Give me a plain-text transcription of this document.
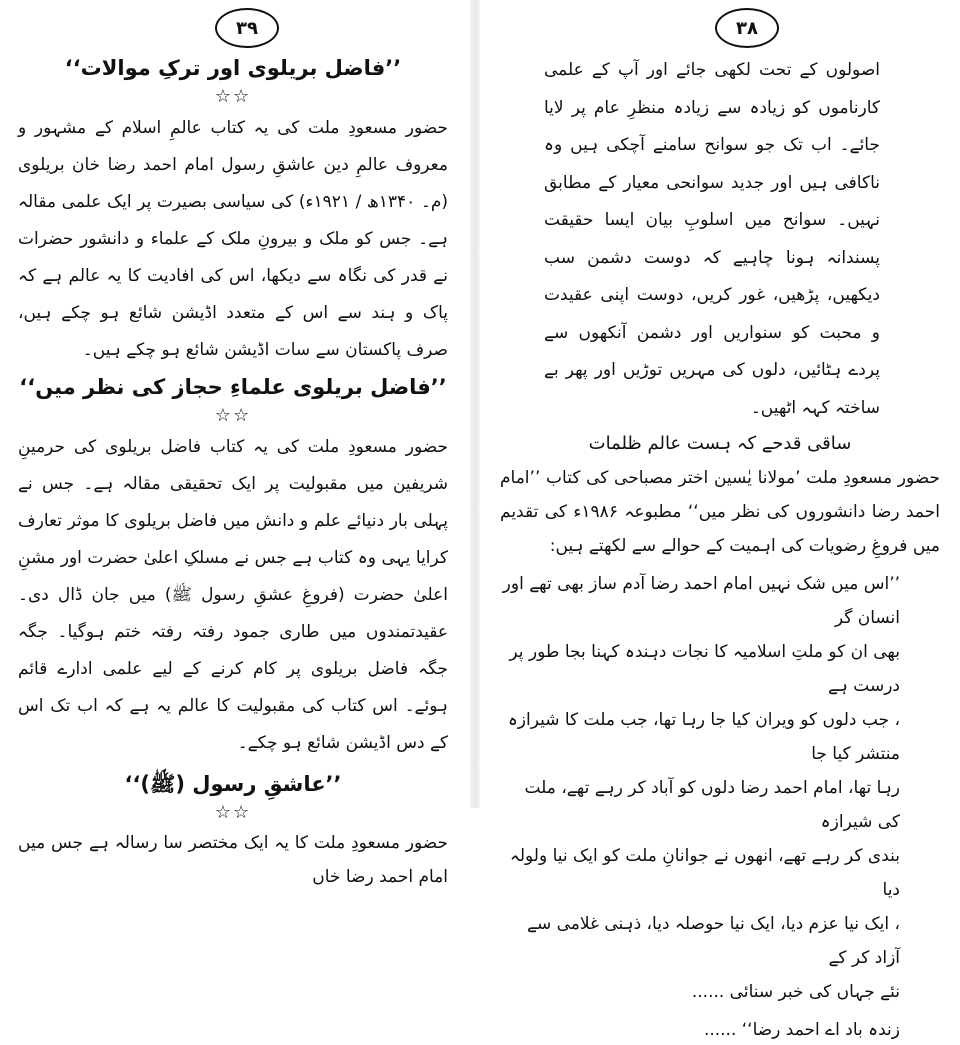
۳۹

’’فاضل بریلوی اور ترکِ موالات‘‘

☆☆

حضور مسعودِ ملت کی یہ کتاب عالمِ اسلام کے مشہور و معروف عالمِ دین عاشقِ رسول امام احمد رضا خان بریلوی (م۔ ۱۳۴۰ھ / ۱۹۲۱ء) کی سیاسی بصیرت پر ایک علمی مقالہ ہے۔ جس کو ملک و بیرونِ ملک کے علماء و دانشور حضرات نے قدر کی نگاہ سے دیکھا، اس کی افادیت کا یہ عالم ہے کہ پاک و ہند سے اس کے متعدد اڈیشن شائع ہو چکے ہیں، صرف پاکستان سے سات اڈیشن شائع ہو چکے ہیں۔

’’فاضل بریلوی علماءِ حجاز کی نظر میں‘‘

☆☆

حضور مسعودِ ملت کی یہ کتاب فاضل بریلوی کی حرمینِ شریفین میں مقبولیت پر ایک تحقیقی مقالہ ہے۔ جس نے پہلی بار دنیائے علم و دانش میں فاضل بریلوی کا موثر تعارف کرایا یہی وہ کتاب ہے جس نے مسلکِ اعلیٰ حضرت اور مشنِ اعلیٰ حضرت (فروغِ عشقِ رسول ﷺ) میں جان ڈال دی۔ عقیدتمندوں میں طاری جمود رفتہ رفتہ ختم ہوگیا۔ جگہ جگہ فاضل بریلوی پر کام کرنے کے لیے علمی ادارے قائم ہوئے۔ اس کتاب کی مقبولیت کا عالم یہ ہے کہ اب تک اس کے دس اڈیشن شائع ہو چکے۔

’’عاشقِ رسول (ﷺ)‘‘

☆☆

حضور مسعودِ ملت کا یہ ایک مختصر سا رسالہ ہے جس میں امام احمد رضا خاں

۳۸

اصولوں کے تحت لکھی جائے اور آپ کے علمی کارناموں کو زیادہ سے زیادہ منظرِ عام پر لایا جائے۔ اب تک جو سوانح سامنے آچکی ہیں وہ ناکافی ہیں اور جدید سوانحی معیار کے مطابق نہیں۔ سوانح میں اسلوبِ بیان ایسا حقیقت پسندانہ ہونا چاہیے کہ دوست دشمن سب دیکھیں، پڑھیں، غور کریں، دوست اپنی عقیدت و محبت کو سنواریں اور دشمن آنکھوں سے پردے ہٹائیں، دلوں کی مہریں توڑیں اور پھر بے ساختہ کہہ اٹھیں۔

ساقی قدحے کہ ہست عالم ظلمات

حضور مسعودِ ملت ’مولانا یٰسین اختر مصباحی کی کتاب ’’امام احمد رضا دانشوروں کی نظر میں‘‘ مطبوعہ ۱۹۸۶ء کی تقدیم میں فروغِ رضویات کی اہمیت کے حوالے سے لکھتے ہیں:

’’اس میں شک نہیں امام احمد رضا آدم ساز بھی تھے اور انسان گر

بھی ان کو ملتِ اسلامیہ کا نجات دہندہ کہنا بجا طور پر درست ہے

، جب دلوں کو ویران کیا جا رہا تھا، جب ملت کا شیرازہ منتشر کیا جا

رہا تھا، امام احمد رضا دلوں کو آباد کر رہے تھے، ملت کی شیرازہ

بندی کر رہے تھے، انھوں نے جوانانِ ملت کو ایک نیا ولولہ دیا

، ایک نیا عزم دیا، ایک نیا حوصلہ دیا، ذہنی غلامی سے آزاد کر کے

نئے جہاں کی خبر سنائی ......

زندہ باد اے احمد رضا‘‘ ......
